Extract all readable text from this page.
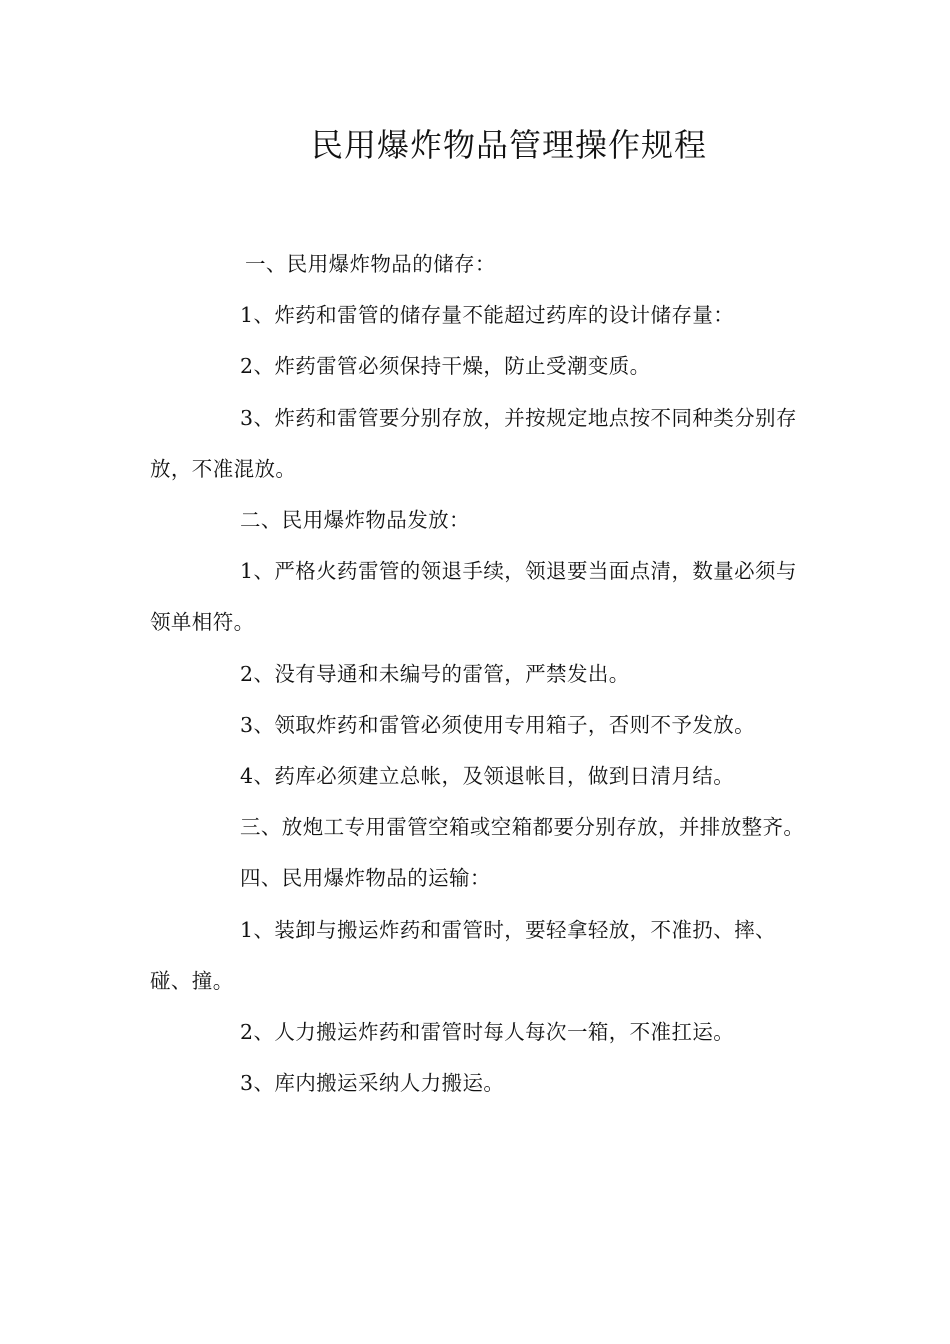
民用爆炸物品管理操作规程

一、民用爆炸物品的储存：

1、炸药和雷管的储存量不能超过药库的设计储存量：

2、炸药雷管必须保持干燥，防止受潮变质。

3、炸药和雷管要分别存放，并按规定地点按不同种类分别存放，不准混放。

二、民用爆炸物品发放：

1、严格火药雷管的领退手续，领退要当面点清，数量必须与领单相符。

2、没有导通和未编号的雷管，严禁发出。

3、领取炸药和雷管必须使用专用箱子，否则不予发放。

4、药库必须建立总帐，及领退帐目，做到日清月结。

三、放炮工专用雷管空箱或空箱都要分别存放，并排放整齐。

四、民用爆炸物品的运输：

1、装卸与搬运炸药和雷管时，要轻拿轻放，不准扔、摔、碰、撞。

2、人力搬运炸药和雷管时每人每次一箱，不准扛运。

3、库内搬运采纳人力搬运。
